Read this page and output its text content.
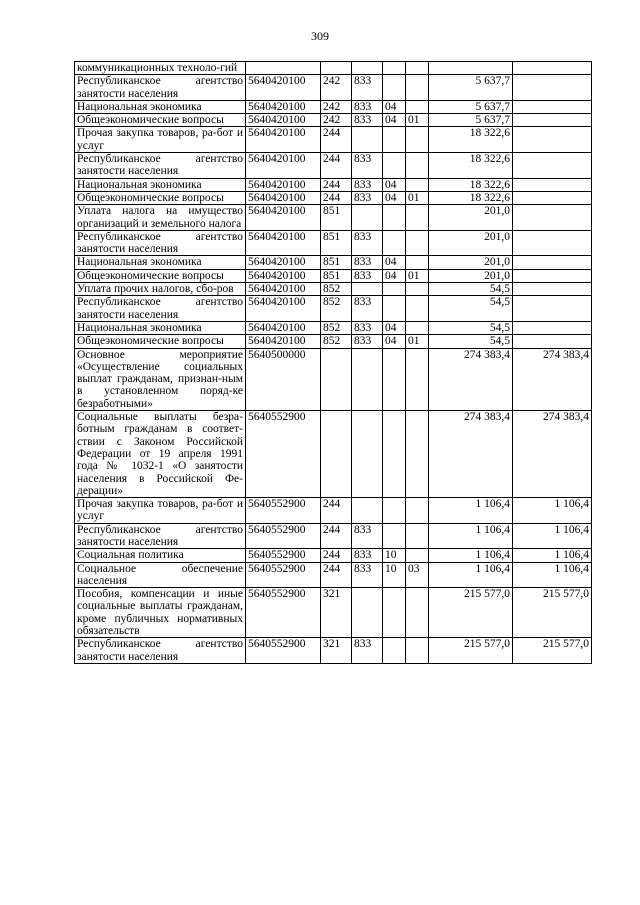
309
коммуникационных техноло-гий							
Республиканское агентство занятости населения	5640420100	242	833			5 637,7	
Национальная экономика	5640420100	242	833	04		5 637,7	
Общеэкономические вопросы	5640420100	242	833	04	01	5 637,7	
Прочая закупка товаров, ра-бот и услуг	5640420100	244				18 322,6	
Республиканское агентство занятости населения	5640420100	244	833			18 322,6	
Национальная экономика	5640420100	244	833	04		18 322,6	
Общеэкономические вопросы	5640420100	244	833	04	01	18 322,6	
Уплата налога на имущество организаций и земельного налога	5640420100	851				201,0	
Республиканское агентство занятости населения	5640420100	851	833			201,0	
Национальная экономика	5640420100	851	833	04		201,0	
Общеэкономические вопросы	5640420100	851	833	04	01	201,0	
Уплата прочих налогов, сбо-ров	5640420100	852				54,5	
Республиканское агентство занятости населения	5640420100	852	833			54,5	
Национальная экономика	5640420100	852	833	04		54,5	
Общеэкономические вопросы	5640420100	852	833	04	01	54,5	
Основное мероприятие «Осуществление социальных выплат гражданам, признан-ным в установленном поряд-ке безработными»	5640500000					274 383,4	274 383,4
Социальные выплаты безра-ботным гражданам в соответ-ствии с Законом Российской Федерации от 19 апреля 1991 года № 1032-1 «О занятости населения в Российской Фе-дерации»	5640552900					274 383,4	274 383,4
Прочая закупка товаров, ра-бот и услуг	5640552900	244				1 106,4	1 106,4
Республиканское агентство занятости населения	5640552900	244	833			1 106,4	1 106,4
Социальная политика	5640552900	244	833	10		1 106,4	1 106,4
Социальное обеспечение населения	5640552900	244	833	10	03	1 106,4	1 106,4
Пособия, компенсации и иные социальные выплаты гражданам, кроме публичных нормативных обязательств	5640552900	321				215 577,0	215 577,0
Республиканское агентство занятости населения	5640552900	321	833			215 577,0	215 577,0
